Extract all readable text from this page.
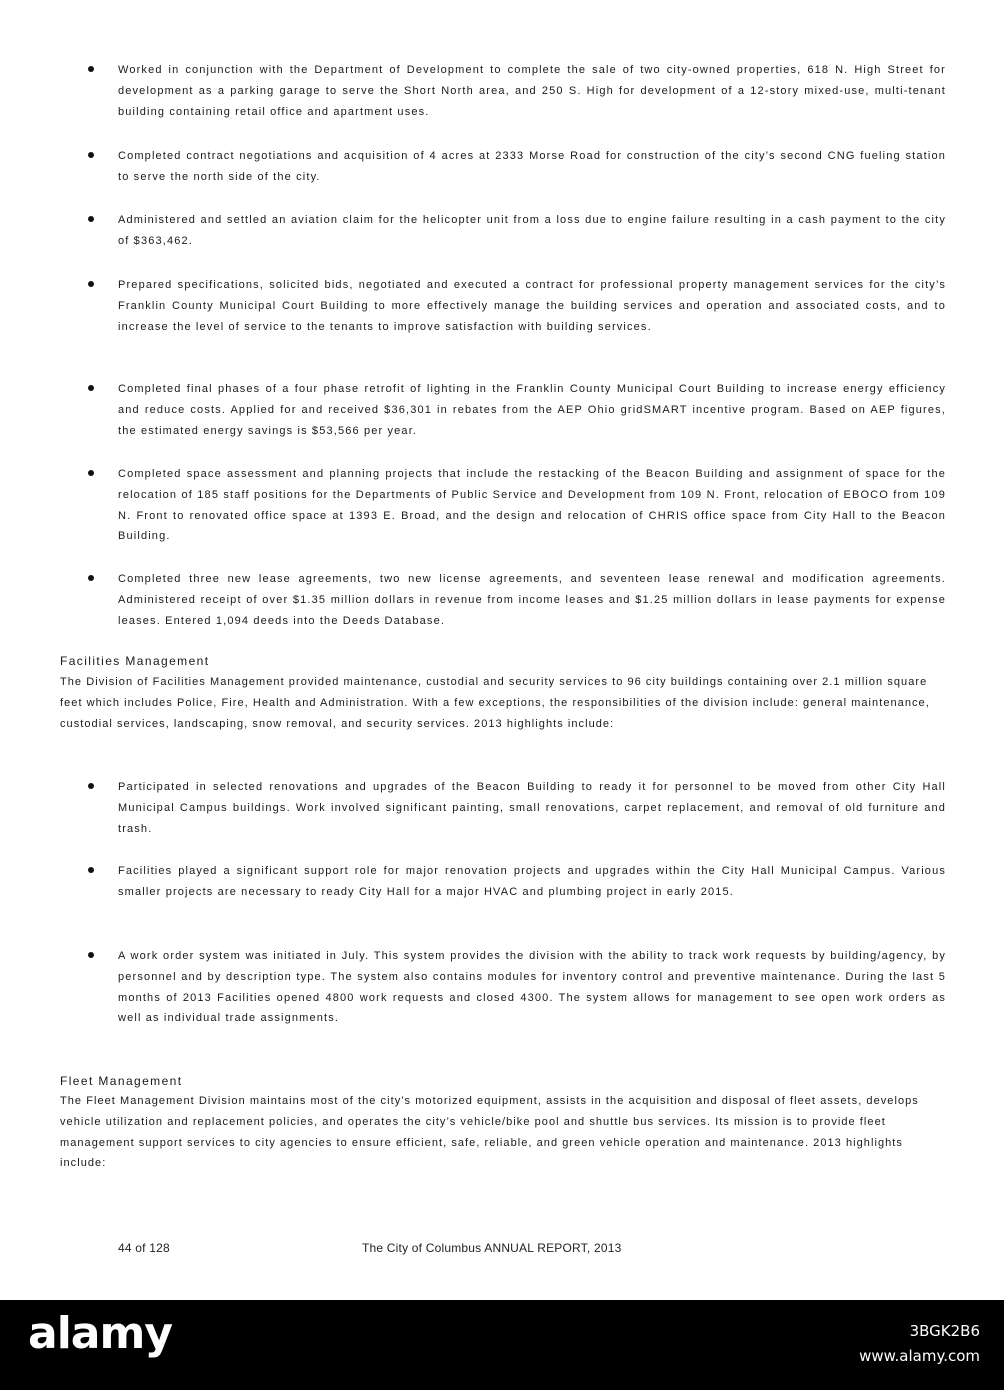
Worked in conjunction with the Department of Development to complete the sale of two city-owned properties, 618 N. High Street for development as a parking garage to serve the Short North area, and 250 S. High for development of a 12-story mixed-use, multi-tenant building containing retail office and apartment uses.
Completed contract negotiations and acquisition of 4 acres at 2333 Morse Road for construction of the city’s second CNG fueling station to serve the north side of the city.
Administered and settled an aviation claim for the helicopter unit from a loss due to engine failure resulting in a cash payment to the city of $363,462.
Prepared specifications, solicited bids, negotiated and executed a contract for professional property management services for the city’s Franklin County Municipal Court Building to more effectively manage the building services and operation and associated costs, and to increase the level of service to the tenants to improve satisfaction with building services.
Completed final phases of a four phase retrofit of lighting in the Franklin County Municipal Court Building to increase energy efficiency and reduce costs. Applied for and received $36,301 in rebates from the AEP Ohio gridSMART incentive program. Based on AEP figures, the estimated energy savings is $53,566 per year.
Completed space assessment and planning projects that include the restacking of the Beacon Building and assignment of space for the relocation of 185 staff positions for the Departments of Public Service and Development from 109 N. Front, relocation of EBOCO from 109 N. Front to renovated office space at 1393 E. Broad, and the design and relocation of CHRIS office space from City Hall to the Beacon Building.
Completed three new lease agreements, two new license agreements, and seventeen lease renewal and modification agreements. Administered receipt of over $1.35 million dollars in revenue from income leases and $1.25 million dollars in lease payments for expense leases. Entered 1,094 deeds into the Deeds Database.
Facilities Management
The Division of Facilities Management provided maintenance, custodial and security services to 96 city buildings containing over 2.1 million square feet which includes Police, Fire, Health and Administration. With a few exceptions, the responsibilities of the division include: general maintenance, custodial services, landscaping, snow removal, and security services. 2013 highlights include:
Participated in selected renovations and upgrades of the Beacon Building to ready it for personnel to be moved from other City Hall Municipal Campus buildings. Work involved significant painting, small renovations, carpet replacement, and removal of old furniture and trash.
Facilities played a significant support role for major renovation projects and upgrades within the City Hall Municipal Campus. Various smaller projects are necessary to ready City Hall for a major HVAC and plumbing project in early 2015.
A work order system was initiated in July. This system provides the division with the ability to track work requests by building/agency, by personnel and by description type. The system also contains modules for inventory control and preventive maintenance. During the last 5 months of 2013 Facilities opened 4800 work requests and closed 4300. The system allows for management to see open work orders as well as individual trade assignments.
Fleet Management
The Fleet Management Division maintains most of the city’s motorized equipment, assists in the acquisition and disposal of fleet assets, develops vehicle utilization and replacement policies, and operates the city’s vehicle/bike pool and shuttle bus services. Its mission is to provide fleet management support services to city agencies to ensure efficient, safe, reliable, and green vehicle operation and maintenance. 2013 highlights include:
44 of 128	The City of Columbus ANNUAL REPORT, 2013
alamy	3BGK2B6
www.alamy.com
